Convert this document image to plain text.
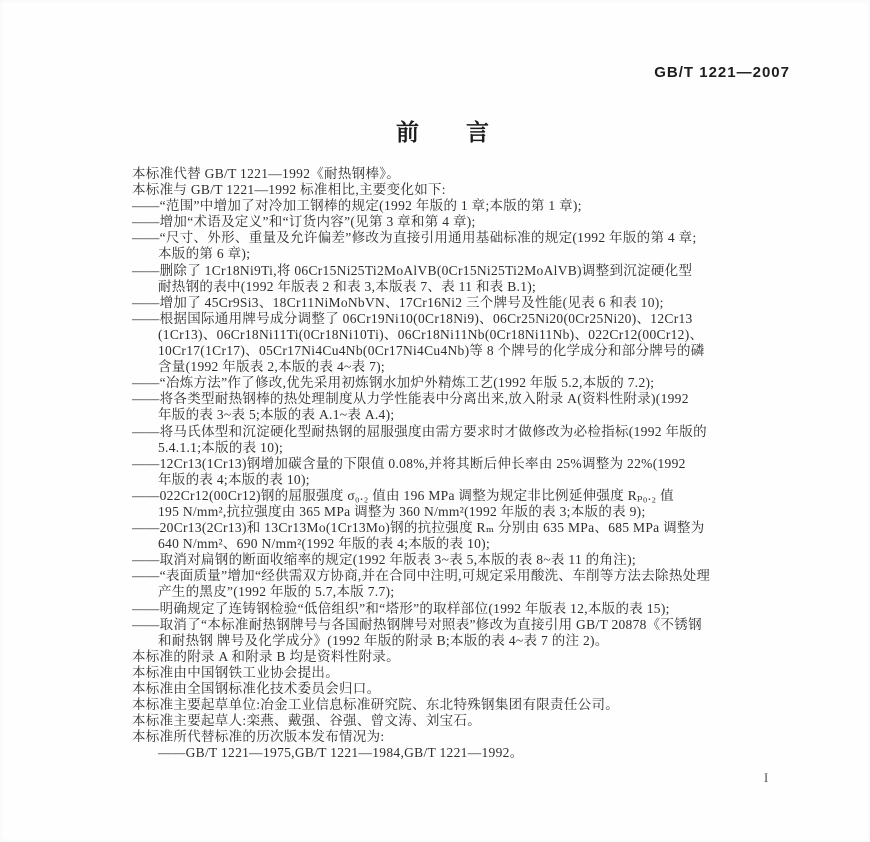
GB/T 1221—2007
前言
本标准代替 GB/T 1221—1992《耐热钢棒》。
本标准与 GB/T 1221—1992 标准相比,主要变化如下:
——“范围”中增加了对冷加工钢棒的规定(1992 年版的 1 章;本版的第 1 章);
——增加“术语及定义”和“订货内容”(见第 3 章和第 4 章);
——“尺寸、外形、重量及允许偏差”修改为直接引用通用基础标准的规定(1992 年版的第 4 章;
本版的第 6 章);
——删除了 1Cr18Ni9Ti,将 06Cr15Ni25Ti2MoAlVB(0Cr15Ni25Ti2MoAlVB)调整到沉淀硬化型
耐热钢的表中(1992 年版表 2 和表 3,本版表 7、表 11 和表 B.1);
——增加了 45Cr9Si3、18Cr11NiMoNbVN、17Cr16Ni2 三个牌号及性能(见表 6 和表 10);
——根据国际通用牌号成分调整了 06Cr19Ni10(0Cr18Ni9)、06Cr25Ni20(0Cr25Ni20)、12Cr13
(1Cr13)、06Cr18Ni11Ti(0Cr18Ni10Ti)、06Cr18Ni11Nb(0Cr18Ni11Nb)、022Cr12(00Cr12)、
10Cr17(1Cr17)、05Cr17Ni4Cu4Nb(0Cr17Ni4Cu4Nb)等 8 个牌号的化学成分和部分牌号的磷
含量(1992 年版表 2,本版的表 4~表 7);
——“冶炼方法”作了修改,优先采用初炼钢水加炉外精炼工艺(1992 年版 5.2,本版的 7.2);
——将各类型耐热钢棒的热处理制度从力学性能表中分离出来,放入附录 A(资料性附录)(1992
年版的表 3~表 5;本版的表 A.1~表 A.4);
——将马氏体型和沉淀硬化型耐热钢的屈服强度由需方要求时才做修改为必检指标(1992 年版的
5.4.1.1;本版的表 10);
——12Cr13(1Cr13)钢增加碳含量的下限值 0.08%,并将其断后伸长率由 25%调整为 22%(1992
年版的表 4;本版的表 10);
——022Cr12(00Cr12)钢的屈服强度 σ₀.₂ 值由 196 MPa 调整为规定非比例延伸强度 Rₚ₀.₂ 值
195 N/mm²,抗拉强度由 365 MPa 调整为 360 N/mm²(1992 年版的表 3;本版的表 9);
——20Cr13(2Cr13)和 13Cr13Mo(1Cr13Mo)钢的抗拉强度 Rₘ 分别由 635 MPa、685 MPa 调整为
640 N/mm²、690 N/mm²(1992 年版的表 4;本版的表 10);
——取消对扁钢的断面收缩率的规定(1992 年版表 3~表 5,本版的表 8~表 11 的角注);
——“表面质量”增加“经供需双方协商,并在合同中注明,可规定采用酸洗、车削等方法去除热处理
产生的黑皮”(1992 年版的 5.7,本版 7.7);
——明确规定了连铸钢检验“低倍组织”和“塔形”的取样部位(1992 年版表 12,本版的表 15);
——取消了“本标准耐热钢牌号与各国耐热钢牌号对照表”修改为直接引用 GB/T 20878《不锈钢
和耐热钢 牌号及化学成分》(1992 年版的附录 B;本版的表 4~表 7 的注 2)。
本标准的附录 A 和附录 B 均是资料性附录。
本标准由中国钢铁工业协会提出。
本标准由全国钢标准化技术委员会归口。
本标准主要起草单位:冶金工业信息标准研究院、东北特殊钢集团有限责任公司。
本标准主要起草人:栾燕、戴强、谷强、曾文涛、刘宝石。
本标准所代替标准的历次版本发布情况为:
——GB/T 1221—1975,GB/T 1221—1984,GB/T 1221—1992。
I
